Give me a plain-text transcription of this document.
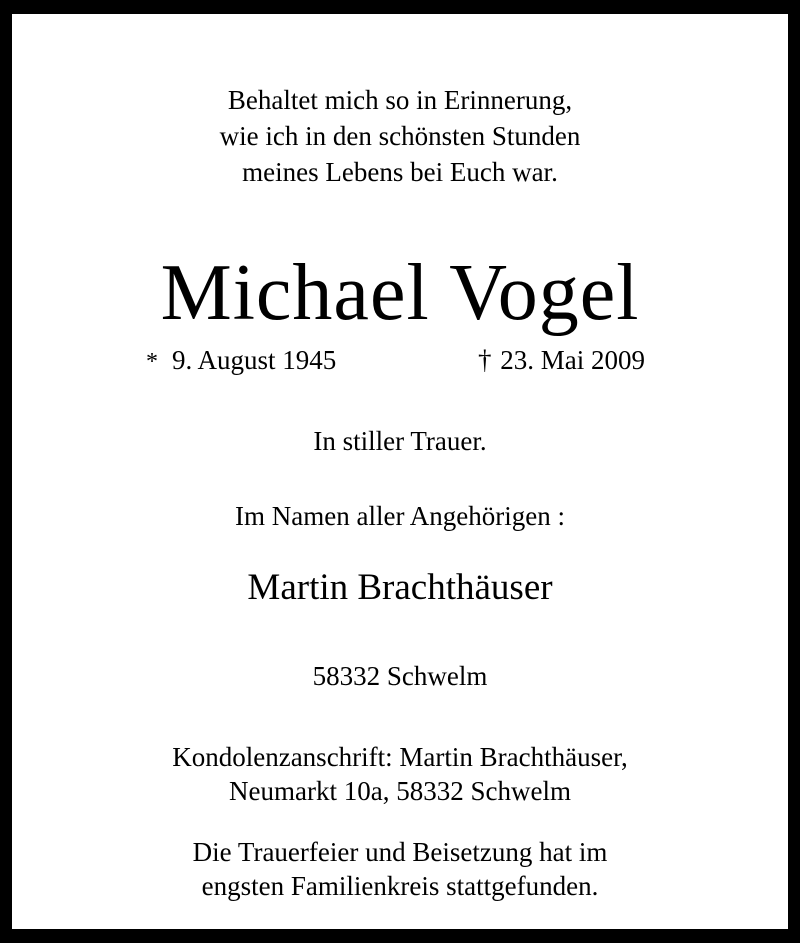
Behaltet mich so in Erinnerung,
wie ich in den schönsten Stunden
meines Lebens bei Euch war.

Michael Vogel
* 9. August 1945	† 23. Mai 2009

In stiller Trauer.

Im Namen aller Angehörigen :

Martin Brachthäuser

58332 Schwelm

Kondolenzanschrift: Martin Brachthäuser,
Neumarkt 10a, 58332 Schwelm

Die Trauerfeier und Beisetzung hat im
engsten Familienkreis stattgefunden.
